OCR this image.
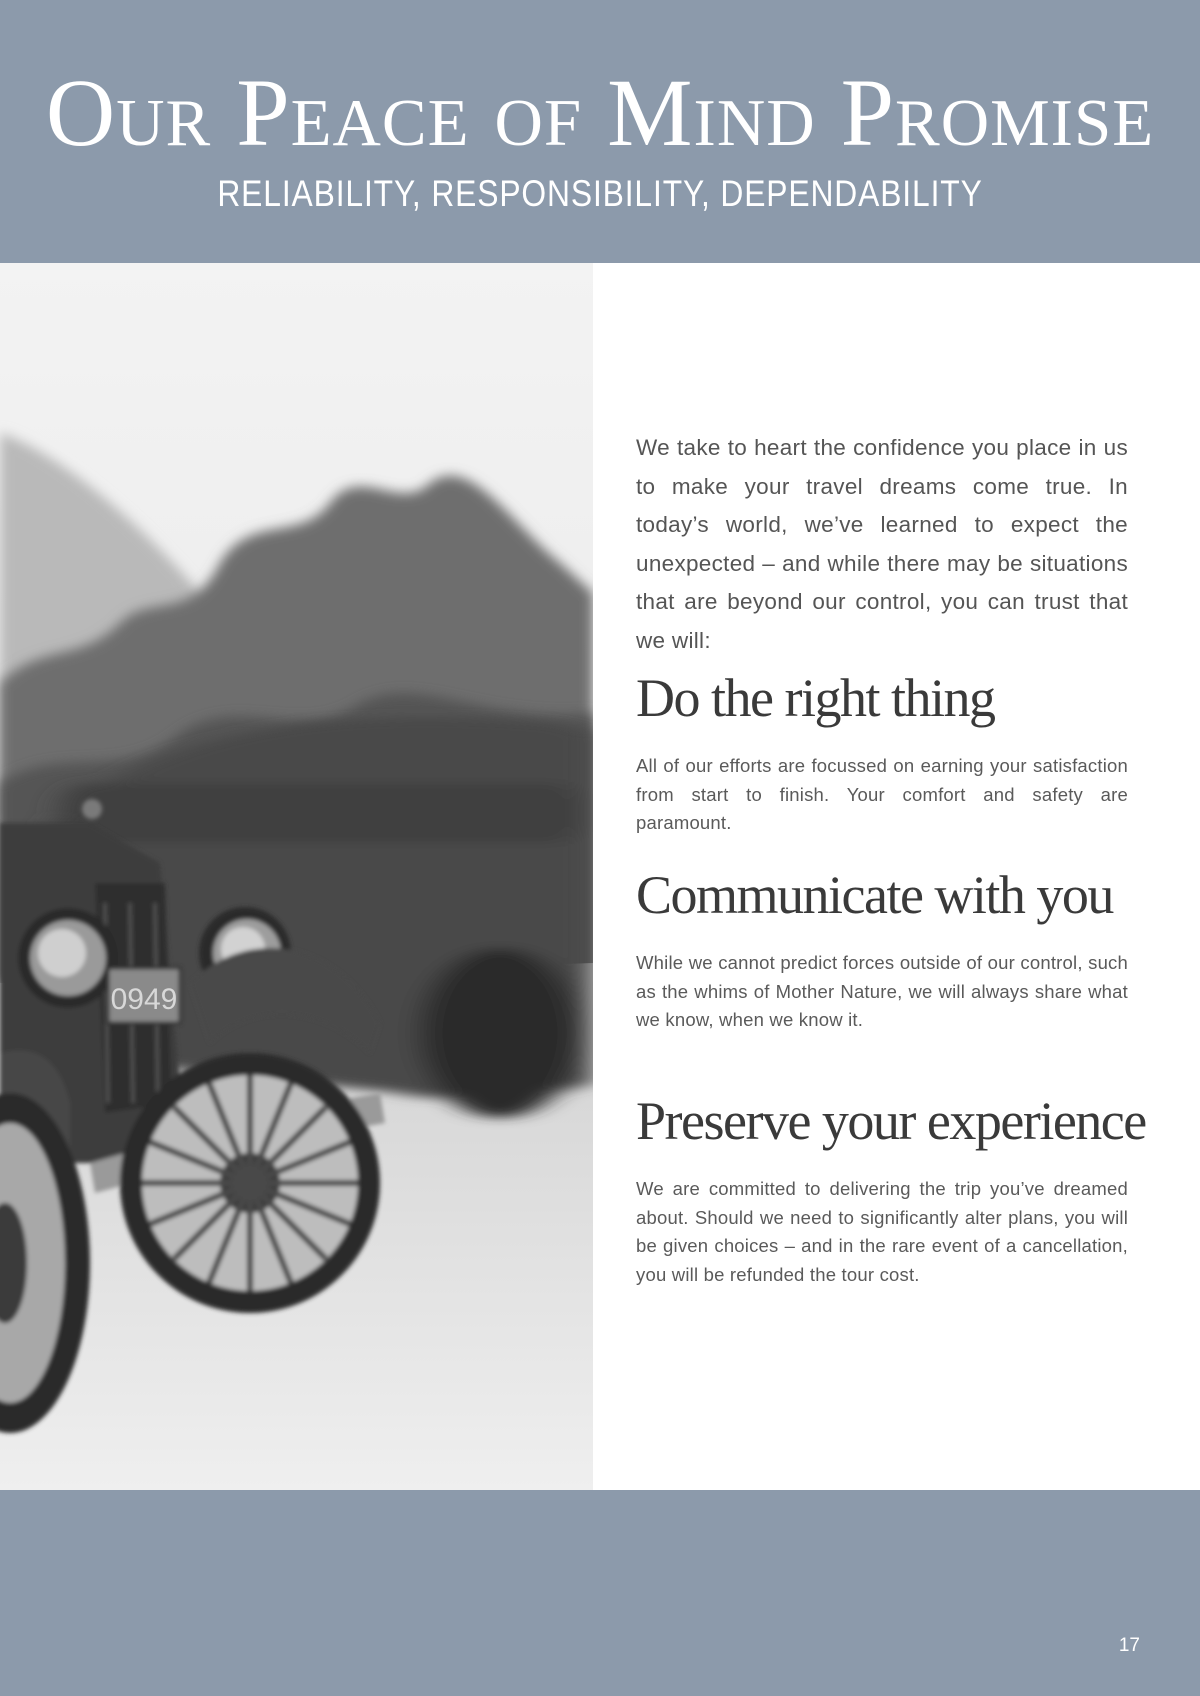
Our Peace of Mind Promise
RELIABILITY, RESPONSIBILITY, DEPENDABILITY
0949

We take to heart the confidence you place in us to make your travel dreams come true. In today’s world, we’ve learned to expect the unexpected – and while there may be situations that are beyond our control, you can trust that we will:

Do the right thing

All of our efforts are focussed on earning your satisfaction from start to finish. Your comfort and safety are paramount.

Communicate with you

While we cannot predict forces outside of our control, such as the whims of Mother Nature, we will always share what we know, when we know it.

Preserve your experience

We are committed to delivering the trip you’ve dreamed about. Should we need to significantly alter plans, you will be given choices – and in the rare event of a cancellation, you will be refunded the tour cost.

17
